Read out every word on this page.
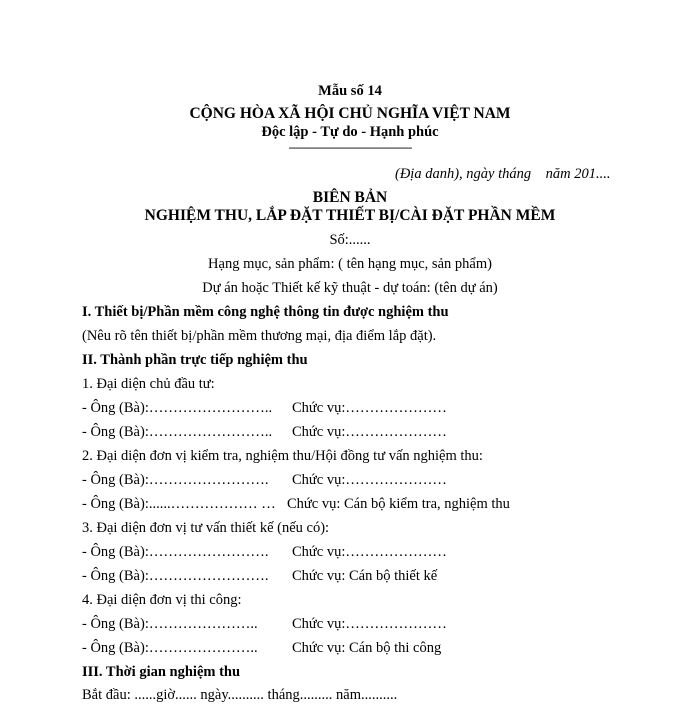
Mẫu số 14
CỘNG HÒA XÃ HỘI CHỦ NGHĨA VIỆT NAM
Độc lập - Tự do - Hạnh phúc
-----------------------------------------
(Địa danh), ngày tháng    năm 201....
BIÊN BẢN
NGHIỆM THU, LẮP ĐẶT THIẾT BỊ/CÀI ĐẶT PHẦN MỀM
Số:......
Hạng mục, sản phẩm: ( tên hạng mục, sản phẩm)
Dự án hoặc Thiết kế kỹ thuật - dự toán: (tên dự án)
I. Thiết bị/Phần mềm công nghệ thông tin được nghiệm thu
(Nêu rõ tên thiết bị/phần mềm thương mại, địa điểm lắp đặt).
II. Thành phần trực tiếp nghiệm thu
1. Đại diện chủ đầu tư:
- Ông (Bà):…………………….. Chức vụ:…………………
- Ông (Bà):…………………….. Chức vụ:…………………
2. Đại diện đơn vị kiểm tra, nghiệm thu/Hội đồng tư vấn nghiệm thu:
- Ông (Bà):……………………. Chức vụ:…………………
- Ông (Bà):......……………… … Chức vụ: Cán bộ kiểm tra, nghiệm thu
3. Đại diện đơn vị tư vấn thiết kế (nếu có):
- Ông (Bà):……………………. Chức vụ:…………………
- Ông (Bà):……………………. Chức vụ: Cán bộ thiết kế
4. Đại diện đơn vị thi công:
- Ông (Bà):………………….. Chức vụ:…………………
- Ông (Bà):………………….. Chức vụ: Cán bộ thi công
III. Thời gian nghiệm thu
Bắt đầu: ......giờ...... ngày.......... tháng......... năm..........
